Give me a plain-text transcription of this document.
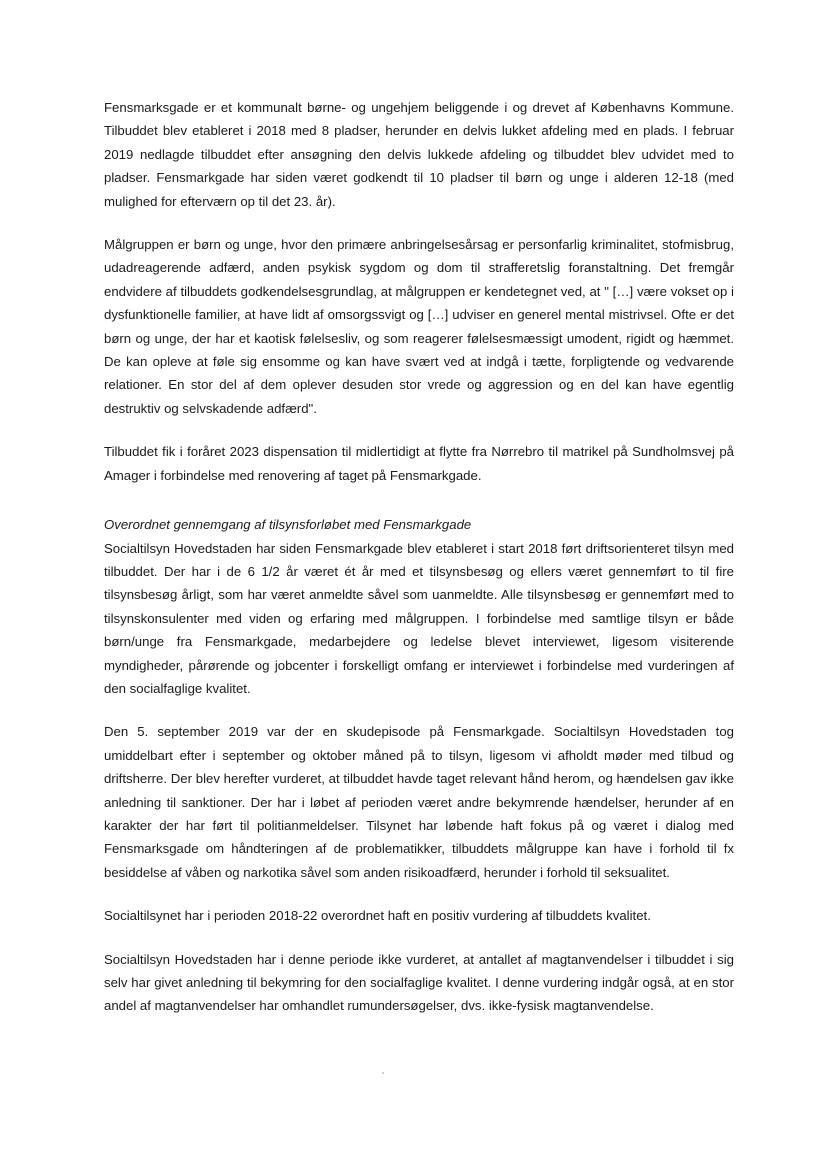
Fensmarksgade er et kommunalt børne- og ungehjem beliggende i og drevet af Københavns Kommune. Tilbuddet blev etableret i 2018 med 8 pladser, herunder en delvis lukket afdeling med en plads. I februar 2019 nedlagde tilbuddet efter ansøgning den delvis lukkede afdeling og tilbuddet blev udvidet med to pladser. Fensmarkgade har siden været godkendt til 10 pladser til børn og unge i alderen 12-18 (med mulighed for efterværn op til det 23. år).

Målgruppen er børn og unge, hvor den primære anbringelsesårsag er personfarlig kriminalitet, stofmisbrug, udadreagerende adfærd, anden psykisk sygdom og dom til strafferetslig foranstaltning. Det fremgår endvidere af tilbuddets godkendelsesgrundlag, at målgruppen er kendetegnet ved, at " […] være vokset op i dysfunktionelle familier, at have lidt af omsorgssvigt og […] udviser en generel mental mistrivsel. Ofte er det børn og unge, der har et kaotisk følelsesliv, og som reagerer følelsesmæssigt umodent, rigidt og hæmmet. De kan opleve at føle sig ensomme og kan have svært ved at indgå i tætte, forpligtende og vedvarende relationer. En stor del af dem oplever desuden stor vrede og aggression og en del kan have egentlig destruktiv og selvskadende adfærd".

Tilbuddet fik i foråret 2023 dispensation til midlertidigt at flytte fra Nørrebro til matrikel på Sundholmsvej på Amager i forbindelse med renovering af taget på Fensmarkgade.

Overordnet gennemgang af tilsynsforløbet med Fensmarkgade

Socialtilsyn Hovedstaden har siden Fensmarkgade blev etableret i start 2018 ført driftsorienteret tilsyn med tilbuddet. Der har i de 6 1/2 år været ét år med et tilsynsbesøg og ellers været gennemført to til fire tilsynsbesøg årligt, som har været anmeldte såvel som uanmeldte. Alle tilsynsbesøg er gennemført med to tilsynskonsulenter med viden og erfaring med målgruppen. I forbindelse med samtlige tilsyn er både børn/unge fra Fensmarkgade, medarbejdere og ledelse blevet interviewet, ligesom visiterende myndigheder, pårørende og jobcenter i forskelligt omfang er interviewet i forbindelse med vurderingen af den socialfaglige kvalitet.

Den 5. september 2019 var der en skudepisode på Fensmarkgade. Socialtilsyn Hovedstaden tog umiddelbart efter i september og oktober måned på to tilsyn, ligesom vi afholdt møder med tilbud og driftsherre. Der blev herefter vurderet, at tilbuddet havde taget relevant hånd herom, og hændelsen gav ikke anledning til sanktioner. Der har i løbet af perioden været andre bekymrende hændelser, herunder af en karakter der har ført til politianmeldelser. Tilsynet har løbende haft fokus på og været i dialog med Fensmarksgade om håndteringen af de problematikker, tilbuddets målgruppe kan have i forhold til fx besiddelse af våben og narkotika såvel som anden risikoadfærd, herunder i forhold til seksualitet.

Socialtilsynet har i perioden 2018-22 overordnet haft en positiv vurdering af tilbuddets kvalitet.

Socialtilsyn Hovedstaden har i denne periode ikke vurderet, at antallet af magtanvendelser i tilbuddet i sig selv har givet anledning til bekymring for den socialfaglige kvalitet. I denne vurdering indgår også, at en stor andel af magtanvendelser har omhandlet rumundersøgelser, dvs. ikke-fysisk magtanvendelse.
